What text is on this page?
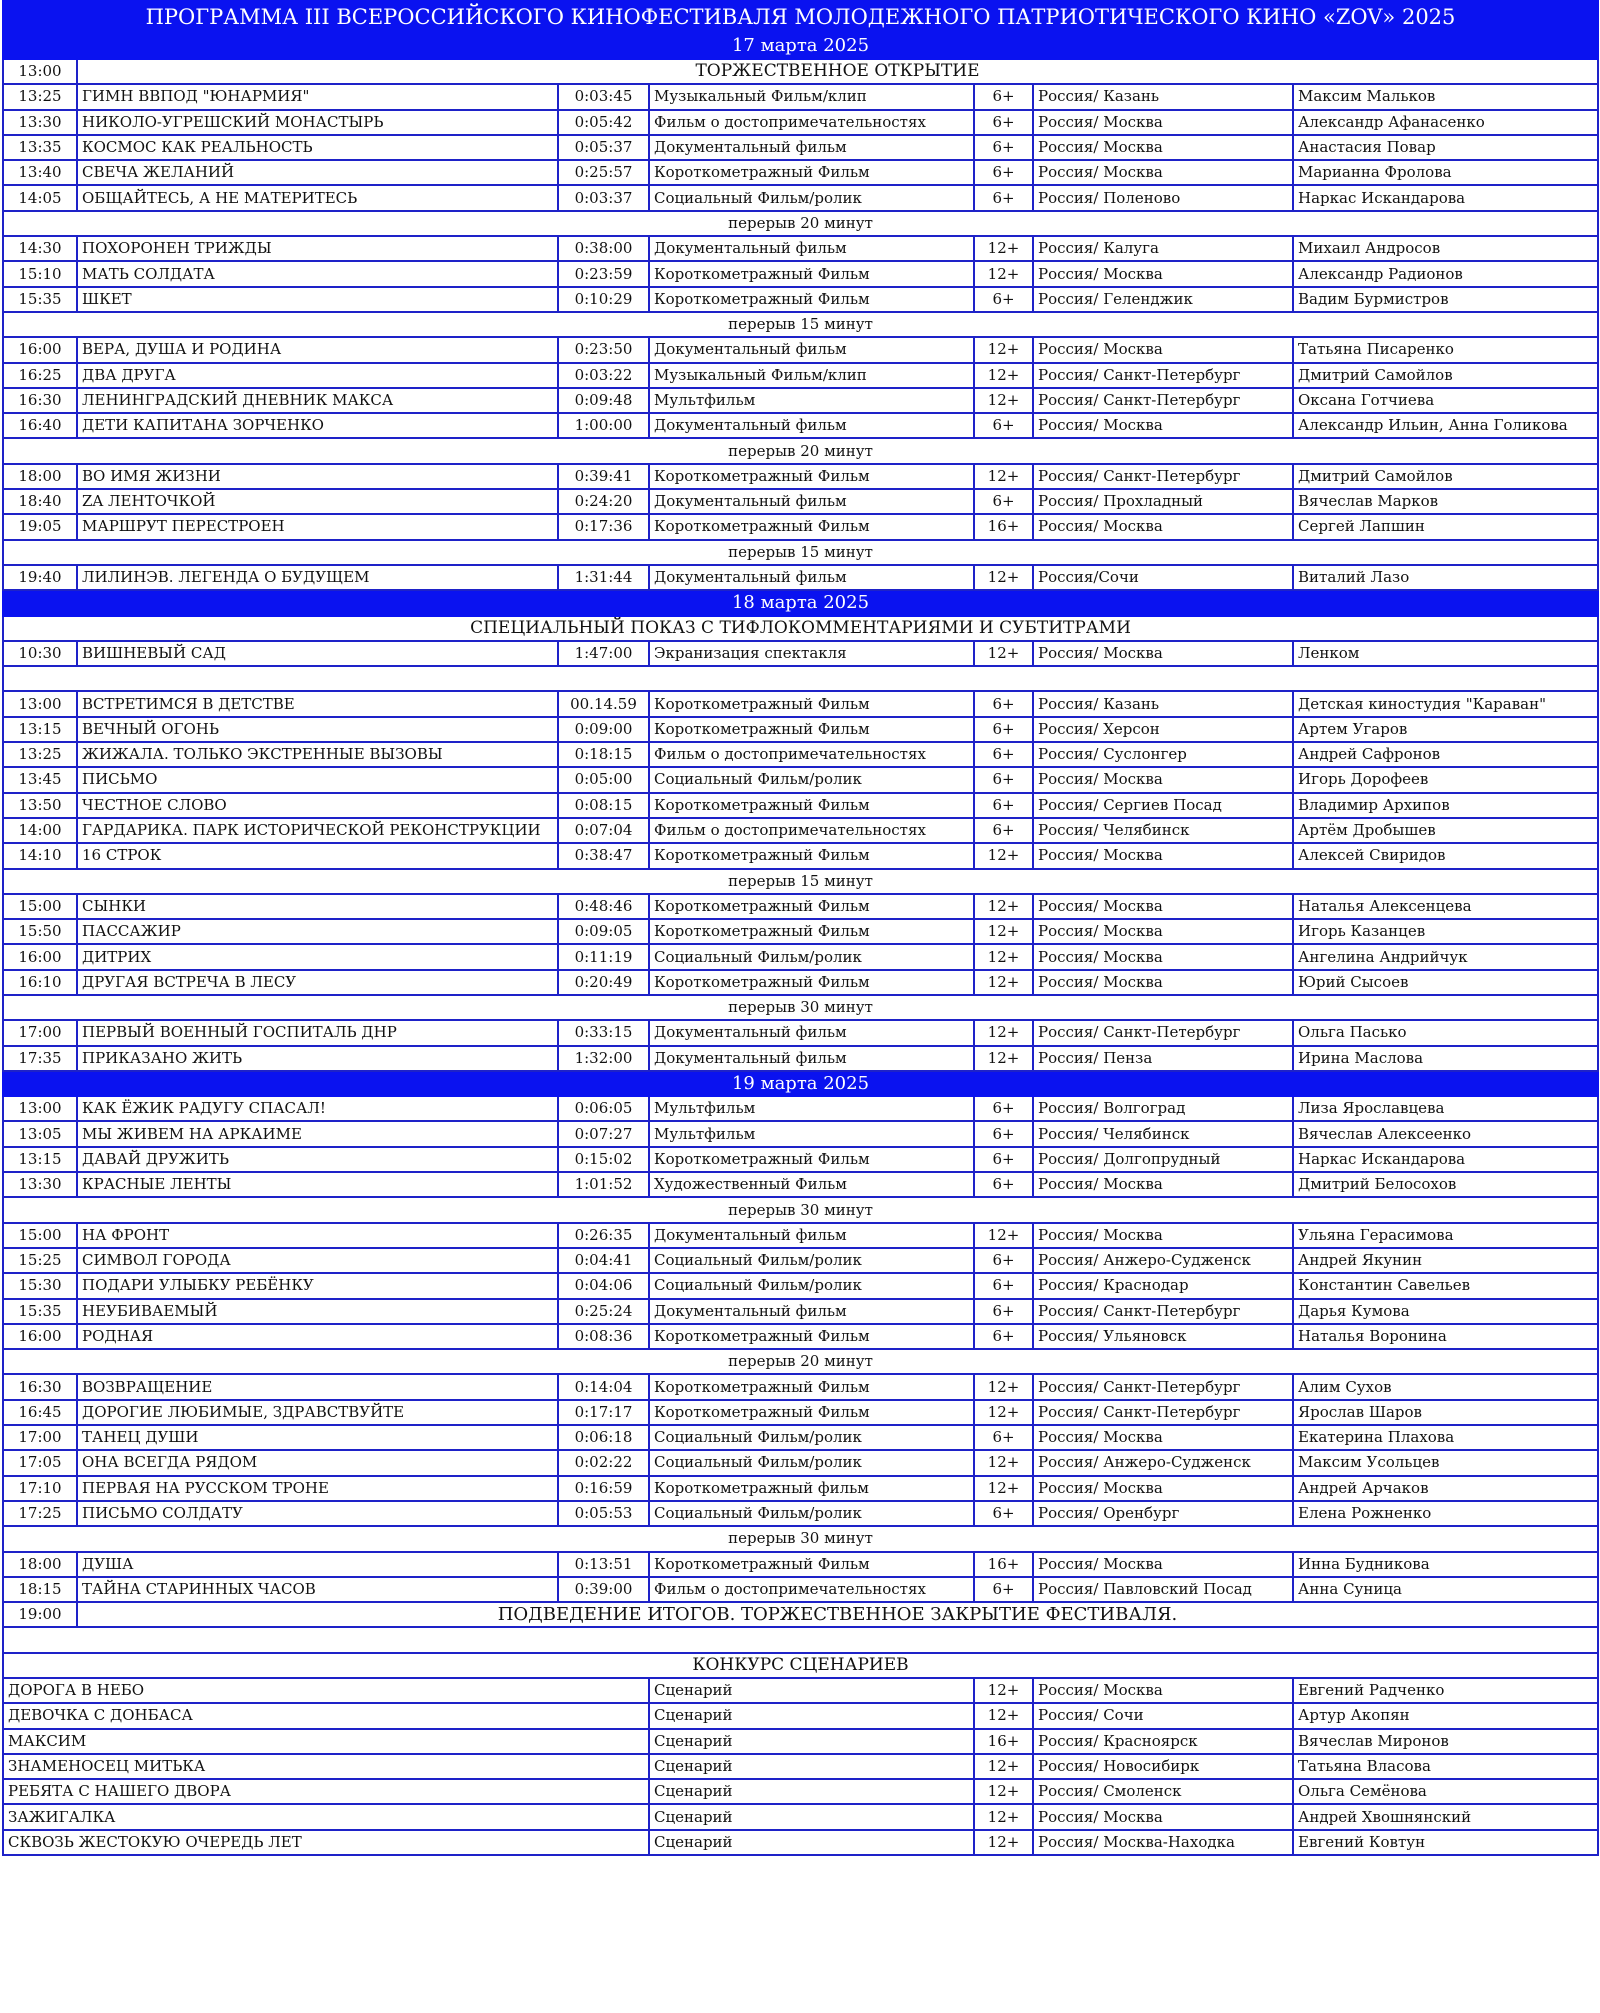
ПРОГРАММА III ВСЕРОССИЙСКОГО КИНОФЕСТИВАЛЯ МОЛОДЕЖНОГО ПАТРИОТИЧЕСКОГО КИНО «ZOV» 2025						
17 марта 2025						
13:00	ТОРЖЕСТВЕННОЕ ОТКРЫТИЕ					
13:25	ГИМН ВВПОД "ЮНАРМИЯ"	0:03:45	Музыкальный Фильм/клип	6+	Россия/ Казань	Максим Мальков
13:30	НИКОЛО-УГРЕШСКИЙ МОНАСТЫРЬ	0:05:42	Фильм о достопримечательностях	6+	Россия/ Москва	Александр Афанасенко
13:35	КОСМОС КАК РЕАЛЬНОСТЬ	0:05:37	Документальный фильм	6+	Россия/ Москва	Анастасия Повар
13:40	СВЕЧА ЖЕЛАНИЙ	0:25:57	Короткометражный Фильм	6+	Россия/ Москва	Марианна Фролова
14:05	ОБЩАЙТЕСЬ, А НЕ МАТЕРИТЕСЬ	0:03:37	Социальный Фильм/ролик	6+	Россия/ Поленово	Наркас Искандарова
перерыв 20 минут						
14:30	ПОХОРОНЕН ТРИЖДЫ	0:38:00	Документальный фильм	12+	Россия/ Калуга	Михаил Андросов
15:10	МАТЬ СОЛДАТА	0:23:59	Короткометражный Фильм	12+	Россия/ Москва	Александр Радионов
15:35	ШКЕТ	0:10:29	Короткометражный Фильм	6+	Россия/ Геленджик	Вадим Бурмистров
перерыв 15 минут						
16:00	ВЕРА, ДУША И РОДИНА	0:23:50	Документальный фильм	12+	Россия/ Москва	Татьяна Писаренко
16:25	ДВА ДРУГА	0:03:22	Музыкальный Фильм/клип	12+	Россия/ Санкт-Петербург	Дмитрий Самойлов
16:30	ЛЕНИНГРАДСКИЙ ДНЕВНИК МАКСА	0:09:48	Мультфильм	12+	Россия/ Санкт-Петербург	Оксана Готчиева
16:40	ДЕТИ КАПИТАНА ЗОРЧЕНКО	1:00:00	Документальный фильм	6+	Россия/ Москва	Александр Ильин, Анна Голикова
перерыв 20 минут						
18:00	ВО ИМЯ ЖИЗНИ	0:39:41	Короткометражный Фильм	12+	Россия/ Санкт-Петербург	Дмитрий Самойлов
18:40	ZA ЛЕНТОЧКОЙ	0:24:20	Документальный фильм	6+	Россия/ Прохладный	Вячеслав Марков
19:05	МАРШРУТ ПЕРЕСТРОЕН	0:17:36	Короткометражный Фильм	16+	Россия/ Москва	Сергей Лапшин
перерыв 15 минут						
19:40	ЛИЛИНЭВ. ЛЕГЕНДА О БУДУЩЕМ	1:31:44	Документальный фильм	12+	Россия/Сочи	Виталий Лазо
18 марта 2025						
СПЕЦИАЛЬНЫЙ ПОКАЗ С ТИФЛОКОММЕНТАРИЯМИ И СУБТИТРАМИ						
10:30	ВИШНЕВЫЙ САД	1:47:00	Экранизация спектакля	12+	Россия/ Москва	Ленком

13:00	ВСТРЕТИМСЯ В ДЕТСТВЕ	00.14.59	Короткометражный Фильм	6+	Россия/ Казань	Детская киностудия "Караван"
13:15	ВЕЧНЫЙ ОГОНЬ	0:09:00	Короткометражный Фильм	6+	Россия/ Херсон	Артем Угаров
13:25	ЖИЖАЛА. ТОЛЬКО ЭКСТРЕННЫЕ ВЫЗОВЫ	0:18:15	Фильм о достопримечательностях	6+	Россия/ Суслонгер	Андрей Сафронов
13:45	ПИСЬМО	0:05:00	Социальный Фильм/ролик	6+	Россия/ Москва	Игорь Дорофеев
13:50	ЧЕСТНОЕ СЛОВО	0:08:15	Короткометражный Фильм	6+	Россия/ Сергиев Посад	Владимир Архипов
14:00	ГАРДАРИКА. ПАРК ИСТОРИЧЕСКОЙ РЕКОНСТРУКЦИИ	0:07:04	Фильм о достопримечательностях	6+	Россия/ Челябинск	Артём Дробышев
14:10	16 СТРОК	0:38:47	Короткометражный Фильм	12+	Россия/ Москва	Алексей Свиридов
перерыв 15 минут						
15:00	СЫНКИ	0:48:46	Короткометражный Фильм	12+	Россия/ Москва	Наталья Алексенцева
15:50	ПАССАЖИР	0:09:05	Короткометражный Фильм	12+	Россия/ Москва	Игорь Казанцев
16:00	ДИТРИХ	0:11:19	Социальный Фильм/ролик	12+	Россия/ Москва	Ангелина Андрийчук
16:10	ДРУГАЯ ВСТРЕЧА В ЛЕСУ	0:20:49	Короткометражный Фильм	12+	Россия/ Москва	Юрий Сысоев
перерыв 30 минут						
17:00	ПЕРВЫЙ ВОЕННЫЙ ГОСПИТАЛЬ ДНР	0:33:15	Документальный фильм	12+	Россия/ Санкт-Петербург	Ольга Пасько
17:35	ПРИКАЗАНО ЖИТЬ	1:32:00	Документальный фильм	12+	Россия/ Пенза	Ирина Маслова
19 марта 2025						
13:00	КАК ЁЖИК РАДУГУ СПАСАЛ!	0:06:05	Мультфильм	6+	Россия/ Волгоград	Лиза Ярославцева
13:05	МЫ ЖИВЕМ НА АРКАИМЕ	0:07:27	Мультфильм	6+	Россия/ Челябинск	Вячеслав Алексеенко
13:15	ДАВАЙ ДРУЖИТЬ	0:15:02	Короткометражный Фильм	6+	Россия/ Долгопрудный	Наркас Искандарова
13:30	КРАСНЫЕ ЛЕНТЫ	1:01:52	Художественный Фильм	6+	Россия/ Москва	Дмитрий Белосохов
перерыв 30 минут						
15:00	НА ФРОНТ	0:26:35	Документальный фильм	12+	Россия/ Москва	Ульяна Герасимова
15:25	СИМВОЛ ГОРОДА	0:04:41	Социальный Фильм/ролик	6+	Россия/ Анжеро-Судженск	Андрей Якунин
15:30	ПОДАРИ УЛЫБКУ РЕБЁНКУ	0:04:06	Социальный Фильм/ролик	6+	Россия/ Краснодар	Константин Савельев
15:35	НЕУБИВАЕМЫЙ	0:25:24	Документальный фильм	6+	Россия/ Санкт-Петербург	Дарья Кумова
16:00	РОДНАЯ	0:08:36	Короткометражный Фильм	6+	Россия/ Ульяновск	Наталья Воронина
перерыв 20 минут						
16:30	ВОЗВРАЩЕНИЕ	0:14:04	Короткометражный Фильм	12+	Россия/ Санкт-Петербург	Алим Сухов
16:45	ДОРОГИЕ ЛЮБИМЫЕ, ЗДРАВСТВУЙТЕ	0:17:17	Короткометражный Фильм	12+	Россия/ Санкт-Петербург	Ярослав Шаров
17:00	ТАНЕЦ ДУШИ	0:06:18	Социальный Фильм/ролик	6+	Россия/ Москва	Екатерина Плахова
17:05	ОНА ВСЕГДА РЯДОМ	0:02:22	Социальный Фильм/ролик	12+	Россия/ Анжеро-Судженск	Максим Усольцев
17:10	ПЕРВАЯ НА РУССКОМ ТРОНЕ	0:16:59	Короткометражный фильм	12+	Россия/ Москва	Андрей Арчаков
17:25	ПИСЬМО СОЛДАТУ	0:05:53	Социальный Фильм/ролик	6+	Россия/ Оренбург	Елена Рожненко
перерыв 30 минут						
18:00	ДУША	0:13:51	Короткометражный Фильм	16+	Россия/ Москва	Инна Будникова
18:15	ТАЙНА СТАРИННЫХ ЧАСОВ	0:39:00	Фильм о достопримечательностях	6+	Россия/ Павловский Посад	Анна Суница
19:00	ПОДВЕДЕНИЕ ИТОГОВ. ТОРЖЕСТВЕННОЕ ЗАКРЫТИЕ ФЕСТИВАЛЯ.					

КОНКУРС СЦЕНАРИЕВ						
ДОРОГА В НЕБО			Сценарий	12+	Россия/ Москва	Евгений Радченко
ДЕВОЧКА С ДОНБАСА			Сценарий	12+	Россия/ Сочи	Артур Акопян
МАКСИМ			Сценарий	16+	Россия/ Красноярск	Вячеслав Миронов
ЗНАМЕНОСЕЦ МИТЬКА			Сценарий	12+	Россия/ Новосибирк	Татьяна Власова
РЕБЯТА С НАШЕГО ДВОРА			Сценарий	12+	Россия/ Смоленск	Ольга Семёнова
ЗАЖИГАЛКА			Сценарий	12+	Россия/ Москва	Андрей Хвошнянский
СКВОЗЬ ЖЕСТОКУЮ ОЧЕРЕДЬ ЛЕТ			Сценарий	12+	Россия/ Москва-Находка	Евгений Ковтун
